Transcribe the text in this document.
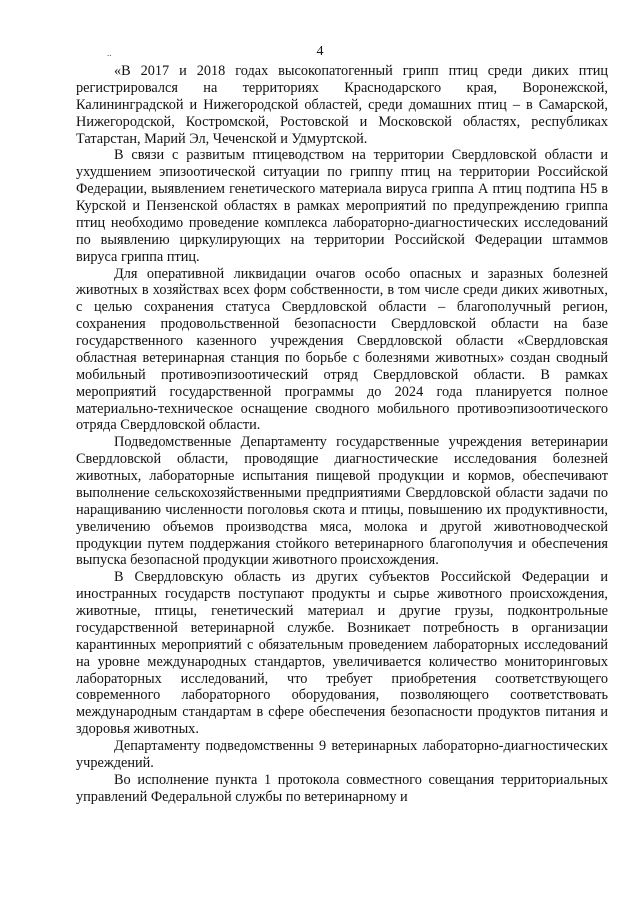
..	4

«В 2017 и 2018 годах высокопатогенный грипп птиц среди диких птиц регистрировался на территориях Краснодарского края, Воронежской, Калининградской и Нижегородской областей, среди домашних птиц – в Самарской, Нижегородской, Костромской, Ростовской и Московской областях, республиках Татарстан, Марий Эл, Чеченской и Удмуртской.

В связи с развитым птицеводством на территории Свердловской области и ухудшением эпизоотической ситуации по гриппу птиц на территории Российской Федерации, выявлением генетического материала вируса гриппа А птиц подтипа Н5 в Курской и Пензенской областях в рамках мероприятий по предупреждению гриппа птиц необходимо проведение комплекса лабораторно-диагностических исследований по выявлению циркулирующих на территории Российской Федерации штаммов вируса гриппа птиц.

Для оперативной ликвидации очагов особо опасных и заразных болезней животных в хозяйствах всех форм собственности, в том числе среди диких животных, с целью сохранения статуса Свердловской области – благополучный регион, сохранения продовольственной безопасности Свердловской области на базе государственного казенного учреждения Свердловской области «Свердловская областная ветеринарная станция по борьбе с болезнями животных» создан сводный мобильный противоэпизоотический отряд Свердловской области. В рамках мероприятий государственной программы до 2024 года планируется полное материально-техническое оснащение сводного мобильного противоэпизоотического отряда Свердловской области.

Подведомственные Департаменту государственные учреждения ветеринарии Свердловской области, проводящие диагностические исследования болезней животных, лабораторные испытания пищевой продукции и кормов, обеспечивают выполнение сельскохозяйственными предприятиями Свердловской области задачи по наращиванию численности поголовья скота и птицы, повышению их продуктивности, увеличению объемов производства мяса, молока и другой животноводческой продукции путем поддержания стойкого ветеринарного благополучия и обеспечения выпуска безопасной продукции животного происхождения.

В Свердловскую область из других субъектов Российской Федерации и иностранных государств поступают продукты и сырье животного происхождения, животные, птицы, генетический материал и другие грузы, подконтрольные государственной ветеринарной службе. Возникает потребность в организации карантинных мероприятий с обязательным проведением лабораторных исследований на уровне международных стандартов, увеличивается количество мониторинговых лабораторных исследований, что требует приобретения соответствующего современного лабораторного оборудования, позволяющего соответствовать международным стандартам в сфере обеспечения безопасности продуктов питания и здоровья животных.

Департаменту подведомственны 9 ветеринарных лабораторно-диагностических учреждений.

Во исполнение пункта 1 протокола совместного совещания территориальных управлений Федеральной службы по ветеринарному и
